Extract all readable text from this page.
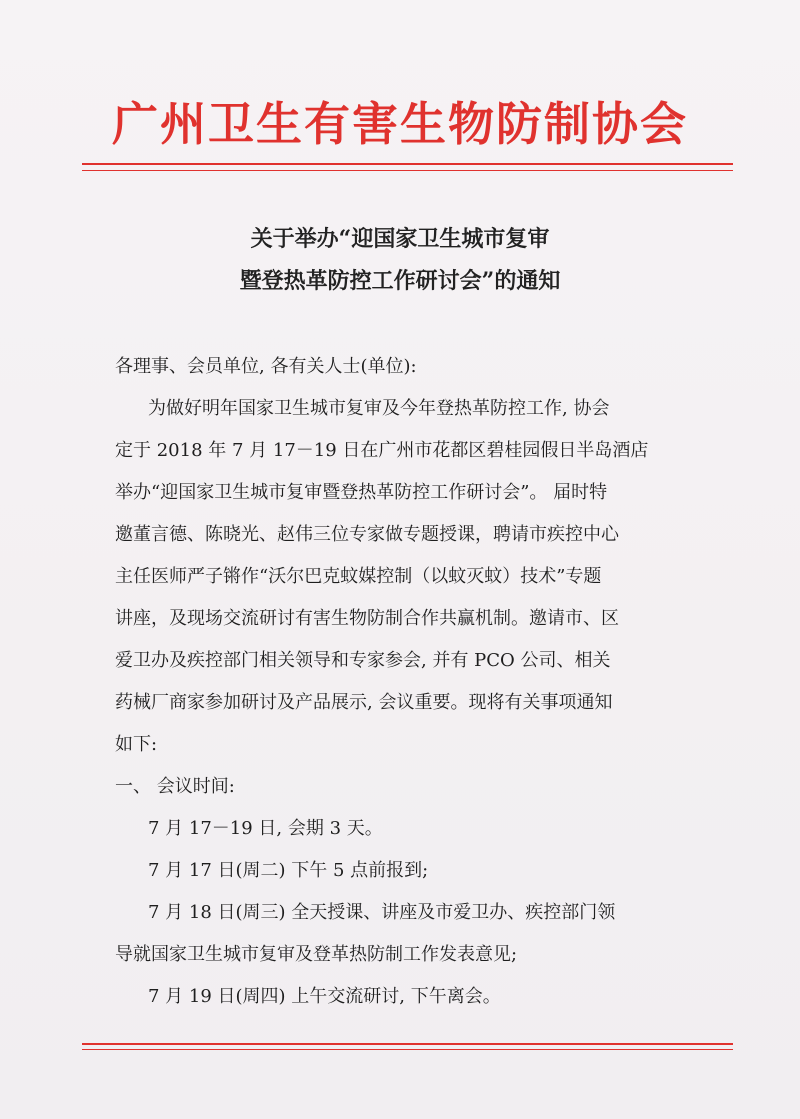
广州卫生有害生物防制协会
关于举办“迎国家卫生城市复审
暨登热革防控工作研讨会”的通知
各理事、会员单位, 各有关人士(单位):
为做好明年国家卫生城市复审及今年登热革防控工作, 协会
定于 2018 年 7 月 17－19 日在广州市花都区碧桂园假日半岛酒店
举办“迎国家卫生城市复审暨登热革防控工作研讨会”。 届时特
邀董言德、陈晓光、赵伟三位专家做专题授课，聘请市疾控中心
主任医师严子锵作“沃尔巴克蚊媒控制（以蚊灭蚊）技术”专题
讲座，及现场交流研讨有害生物防制合作共赢机制。邀请市、区
爱卫办及疾控部门相关领导和专家参会, 并有 PCO 公司、相关
药械厂商家参加研讨及产品展示, 会议重要。现将有关事项通知
如下:
一、 会议时间:
7 月 17－19 日, 会期 3 天。
7 月 17 日(周二) 下午 5 点前报到;
7 月 18 日(周三) 全天授课、讲座及市爱卫办、疾控部门领
导就国家卫生城市复审及登革热防制工作发表意见;
7 月 19 日(周四) 上午交流研讨, 下午离会。
